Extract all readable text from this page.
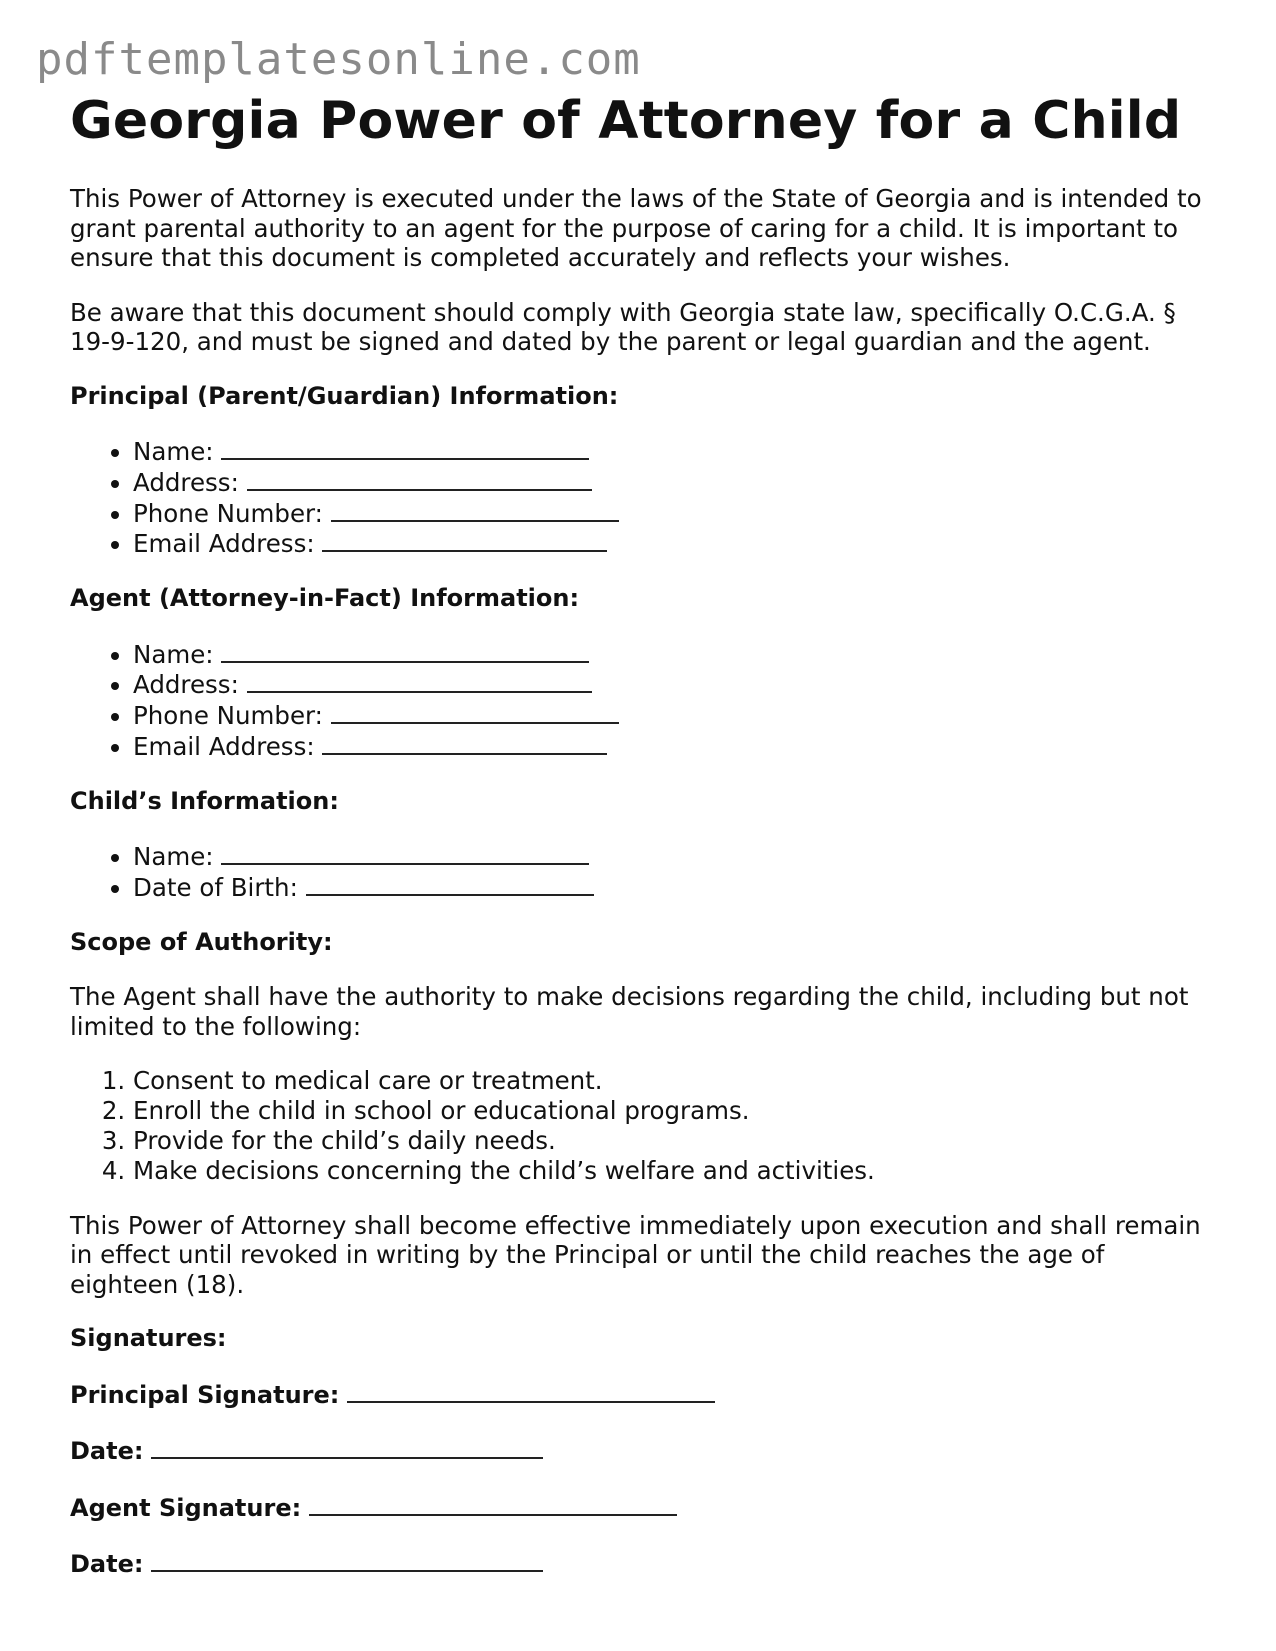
pdftemplatesonline.com
Georgia Power of Attorney for a Child

This Power of Attorney is executed under the laws of the State of Georgia and is intended to grant parental authority to an agent for the purpose of caring for a child. It is important to ensure that this document is completed accurately and reflects your wishes.

Be aware that this document should comply with Georgia state law, specifically O.C.G.A. § 19-9-120, and must be signed and dated by the parent or legal guardian and the agent.

Principal (Parent/Guardian) Information:
• Name:
• Address:
• Phone Number:
• Email Address:
Agent (Attorney-in-Fact) Information:
• Name:
• Address:
• Phone Number:
• Email Address:
Child’s Information:
• Name:
• Date of Birth:
Scope of Authority:

The Agent shall have the authority to make decisions regarding the child, including but not limited to the following:

1. Consent to medical care or treatment.
2. Enroll the child in school or educational programs.
3. Provide for the child’s daily needs.
4. Make decisions concerning the child’s welfare and activities.

This Power of Attorney shall become effective immediately upon execution and shall remain in effect until revoked in writing by the Principal or until the child reaches the age of eighteen (18).

Signatures:
Principal Signature:
Date:
Agent Signature:
Date:
